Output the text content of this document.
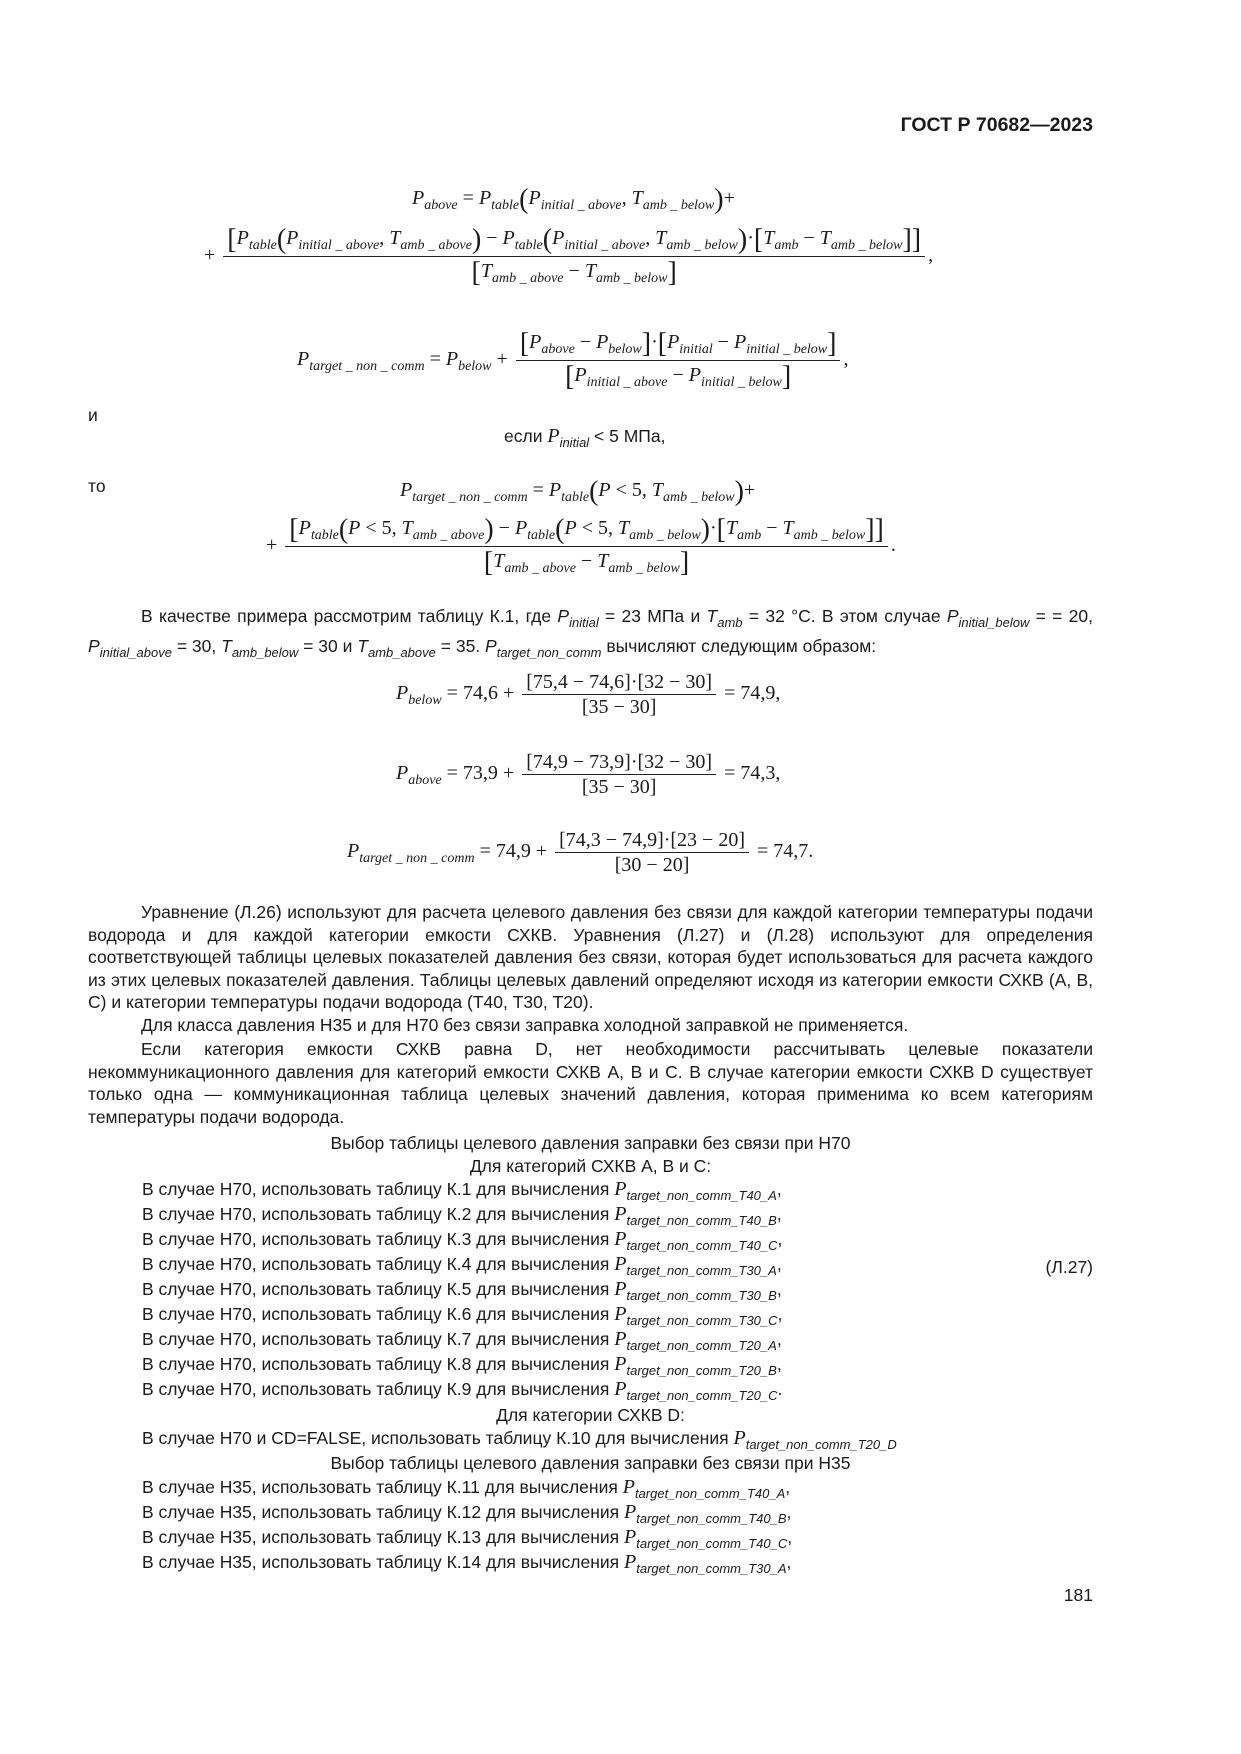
ГОСТ Р 70682—2023
$P_{above} = P_{table}(P_{initial \_ above}$, $T_{amb \_ below})+$
+
[$P_{table}(P_{initial \_ above}$, $T_{amb \_ above}) - P_{table}(P_{initial \_ above}$, $T_{amb \_ below})\cdot[T_{amb} - T_{amb \_ below}]$]
$[T_{amb \_ above} - T_{amb \_ below}]$
,
$P_{target \_ non \_ comm} = P_{below} + \frac{[P_{above} - P_{below}]\cdot[P_{initial} - P_{initial \_ below}]}{[P_{initial \_ above} - P_{initial \_ below}]}$ ,
и
если $P_{initial} < 5$ МПа,
то	$P_{target \_ non \_ comm} = P_{table}(P < 5$, $T_{amb \_ below})+$
+
[$P_{table}(P < 5$, $T_{amb \_ above}) - P_{table}(P < 5$, $T_{amb \_ below})\cdot[T_{amb} - T_{amb \_ below}]$]
$[T_{amb \_ above} - T_{amb \_ below}]$
.
В качестве примера рассмотрим таблицу К.1, где $P_{initial} = 23$ МПа и $T_{amb} = 32$ °С. В этом случае $P_{initial\_below}$ = = 20, $P_{initial\_above} = 30$, $T_{amb\_below} = 30$ и $T_{amb\_above} = 35$. $P_{target\_non\_comm}$ вычисляют следующим образом:
$P_{below} = 74,6 + \frac{[75,4 - 74,6]\cdot[32 - 30]}{[35 - 30]} = 74,9$,
$P_{above} = 73,9 + \frac{[74,9 - 73,9]\cdot[32 - 30]}{[35 - 30]} = 74,3$,
$P_{target \_ non \_ comm} = 74,9 + \frac{[74,3 - 74,9]\cdot[23 - 20]}{[30 - 20]} = 74,7$.
Уравнение (Л.26) используют для расчета целевого давления без связи для каждой категории температуры подачи водорода и для каждой категории емкости СХКВ. Уравнения (Л.27) и (Л.28) используют для определения соответствующей таблицы целевых показателей давления без связи, которая будет использоваться для расчета каждого из этих целевых показателей давления. Таблицы целевых давлений определяют исходя из категории емкости СХКВ (А, В, С) и категории температуры подачи водорода (Т40, Т30, Т20).
Для класса давления Н35 и для Н70 без связи заправка холодной заправкой не применяется.
Если категория емкости СХКВ равна D, нет необходимости рассчитывать целевые показатели некоммуникационного давления для категорий емкости СХКВ А, В и С. В случае категории емкости СХКВ D существует только одна — коммуникационная таблица целевых значений давления, которая применима ко всем категориям температуры подачи водорода.
Выбор таблицы целевого давления заправки без связи при Н70
Для категорий СХКВ А, В и С:
В случае Н70, использовать таблицу К.1 для вычисления $P_{target\_non\_comm\_T40\_A}$,
В случае Н70, использовать таблицу К.2 для вычисления $P_{target\_non\_comm\_T40\_B}$,
В случае Н70, использовать таблицу К.3 для вычисления $P_{target\_non\_comm\_T40\_C}$,
В случае Н70, использовать таблицу К.4 для вычисления $P_{target\_non\_comm\_T30\_A}$,
В случае Н70, использовать таблицу К.5 для вычисления $P_{target\_non\_comm\_T30\_B}$,
В случае Н70, использовать таблицу К.6 для вычисления $P_{target\_non\_comm\_T30\_C}$,
В случае Н70, использовать таблицу К.7 для вычисления $P_{target\_non\_comm\_T20\_A}$,
В случае Н70, использовать таблицу К.8 для вычисления $P_{target\_non\_comm\_T20\_B}$,
В случае Н70, использовать таблицу К.9 для вычисления $P_{target\_non\_comm\_T20\_C}$.
(Л.27)
Для категории СХКВ D:
В случае Н70 и CD=FALSE, использовать таблицу К.10 для вычисления $P_{target\_non\_comm\_T20\_D}$
Выбор таблицы целевого давления заправки без связи при Н35
В случае Н35, использовать таблицу К.11 для вычисления $P_{target\_non\_comm\_T40\_A}$,
В случае Н35, использовать таблицу К.12 для вычисления $P_{target\_non\_comm\_T40\_B}$,
В случае Н35, использовать таблицу К.13 для вычисления $P_{target\_non\_comm\_T40\_C}$,
В случае Н35, использовать таблицу К.14 для вычисления $P_{target\_non\_comm\_T30\_A}$,
181
